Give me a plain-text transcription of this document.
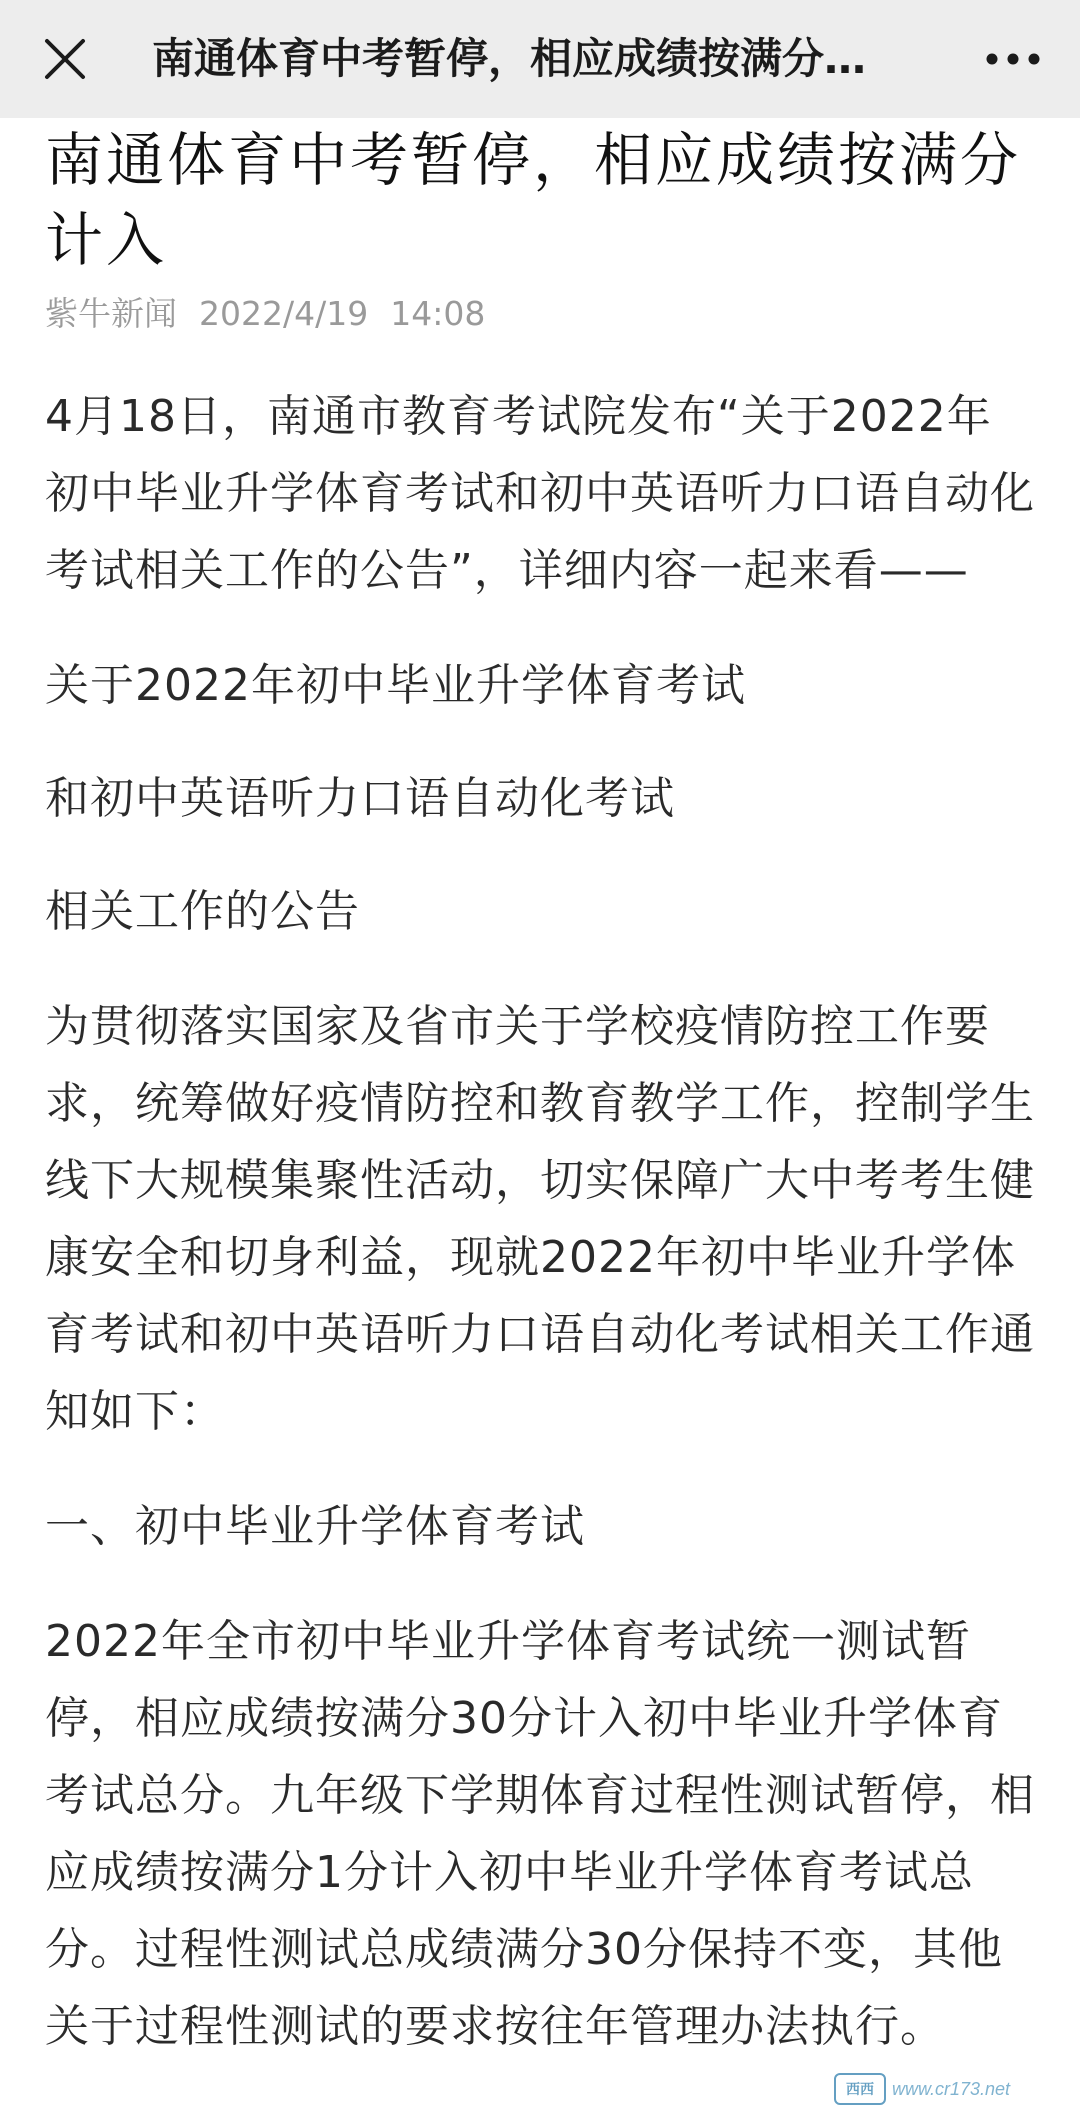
南通体育中考暂停，相应成绩按满分…
南通体育中考暂停，相应成绩按满分计入
紫牛新闻 2022/4/19 14:08

4月18日，南通市教育考试院发布“关于2022年初中毕业升学体育考试和初中英语听力口语自动化考试相关工作的公告”，详细内容一起来看——

关于2022年初中毕业升学体育考试

和初中英语听力口语自动化考试

相关工作的公告

为贯彻落实国家及省市关于学校疫情防控工作要求，统筹做好疫情防控和教育教学工作，控制学生线下大规模集聚性活动，切实保障广大中考考生健康安全和切身利益，现就2022年初中毕业升学体育考试和初中英语听力口语自动化考试相关工作通知如下：

一、初中毕业升学体育考试

2022年全市初中毕业升学体育考试统一测试暂停，相应成绩按满分30分计入初中毕业升学体育考试总分。九年级下学期体育过程性测试暂停，相应成绩按满分1分计入初中毕业升学体育考试总分。过程性测试总成绩满分30分保持不变，其他关于过程性测试的要求按往年管理办法执行。

西西	www.cr173.net
